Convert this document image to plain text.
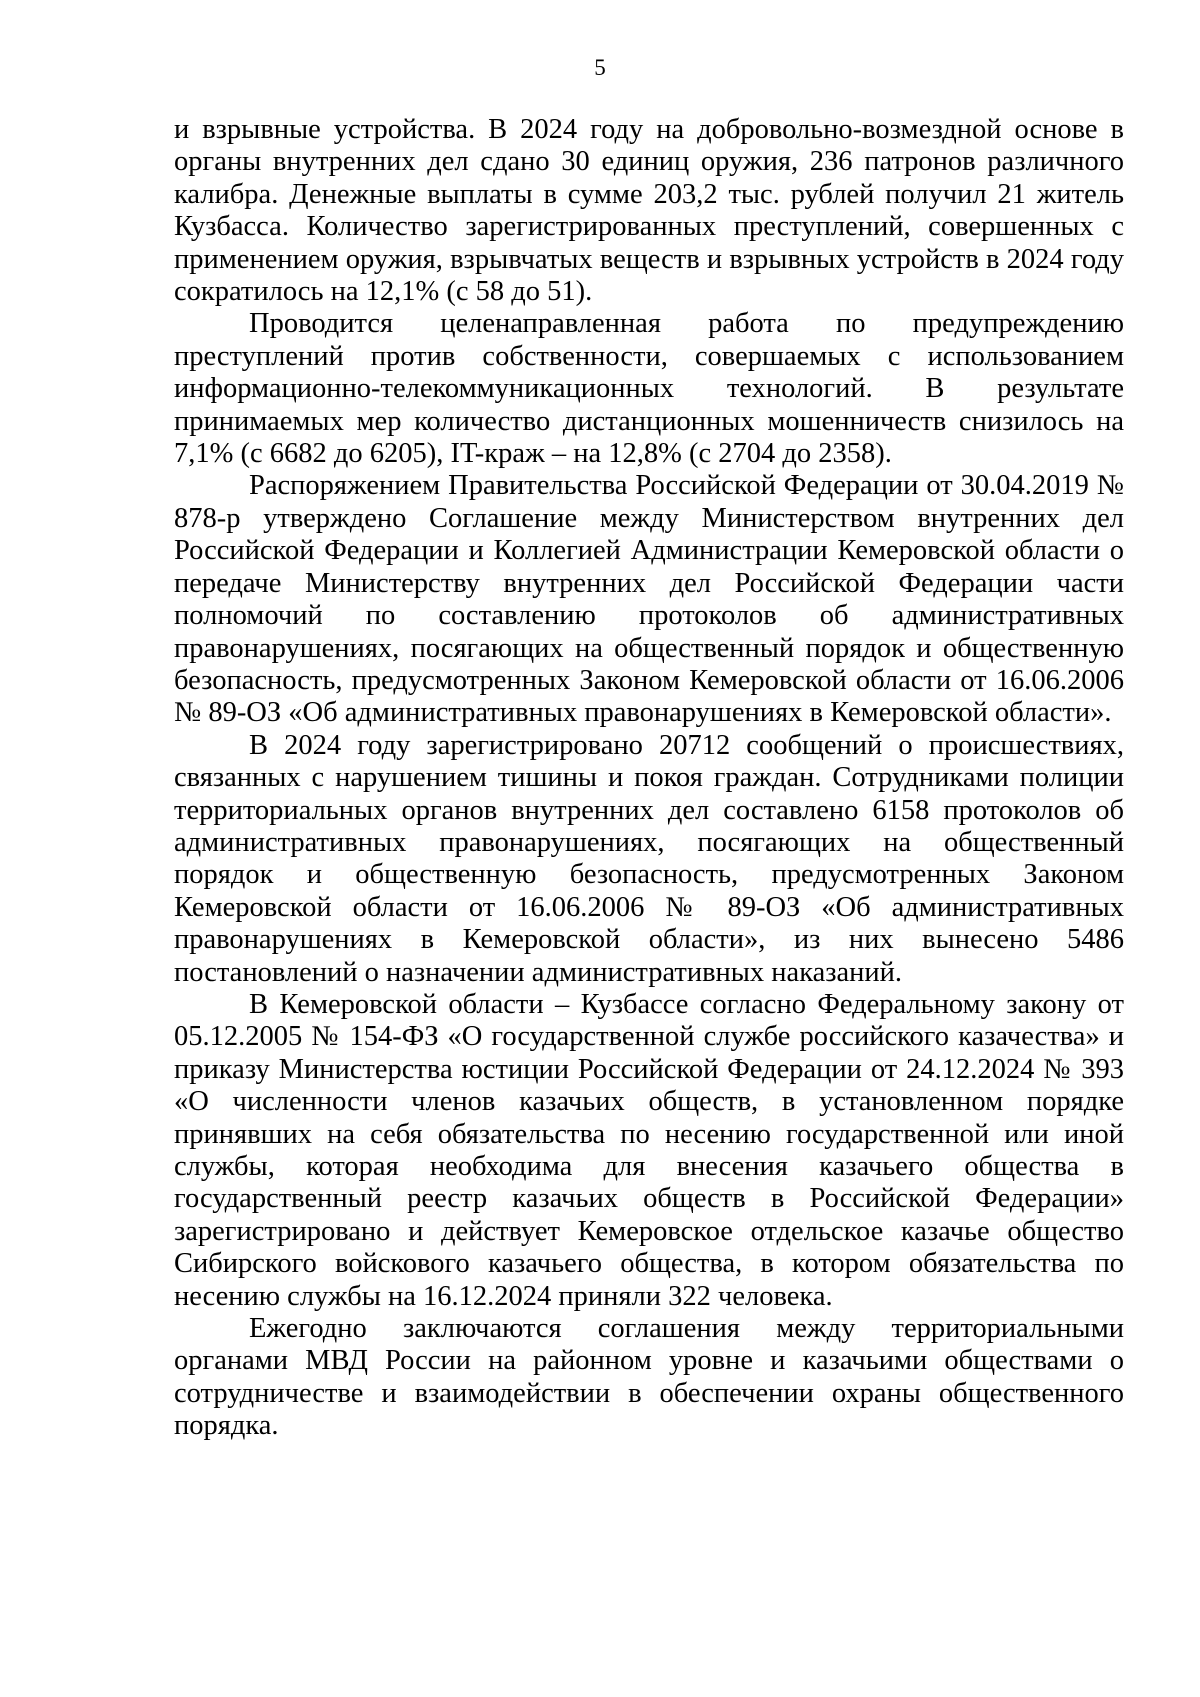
5

и взрывные устройства. В 2024 году на добровольно-возмездной основе в органы внутренних дел сдано 30 единиц оружия, 236 патронов различного калибра. Денежные выплаты в сумме 203,2 тыс. рублей получил 21 житель Кузбасса. Количество зарегистрированных преступлений, совершенных с применением оружия, взрывчатых веществ и взрывных устройств в 2024 году сократилось на 12,1% (с 58 до 51).

Проводится целенаправленная работа по предупреждению преступлений против собственности, совершаемых с использованием информационно-телекоммуникационных технологий. В результате принимаемых мер количество дистанционных мошенничеств снизилось на 7,1% (с 6682 до 6205), IT-краж – на 12,8% (с 2704 до 2358).

Распоряжением Правительства Российской Федерации от 30.04.2019 № 878-р утверждено Соглашение между Министерством внутренних дел Российской Федерации и Коллегией Администрации Кемеровской области о передаче Министерству внутренних дел Российской Федерации части полномочий по составлению протоколов об административных правонарушениях, посягающих на общественный порядок и общественную безопасность, предусмотренных Законом Кемеровской области от 16.06.2006 № 89-ОЗ «Об административных правонарушениях в Кемеровской области».

В 2024 году зарегистрировано 20712 сообщений о происшествиях, связанных с нарушением тишины и покоя граждан. Сотрудниками полиции территориальных органов внутренних дел составлено 6158 протоколов об административных правонарушениях, посягающих на общественный порядок и общественную безопасность, предусмотренных Законом Кемеровской области от 16.06.2006 № 89-ОЗ «Об административных правонарушениях в Кемеровской области», из них вынесено 5486 постановлений о назначении административных наказаний.

В Кемеровской области – Кузбассе согласно Федеральному закону от 05.12.2005 № 154-ФЗ «О государственной службе российского казачества» и приказу Министерства юстиции Российской Федерации от 24.12.2024 № 393 «О численности членов казачьих обществ, в установленном порядке принявших на себя обязательства по несению государственной или иной службы, которая необходима для внесения казачьего общества в государственный реестр казачьих обществ в Российской Федерации» зарегистрировано и действует Кемеровское отдельское казачье общество Сибирского войскового казачьего общества, в котором обязательства по несению службы на 16.12.2024 приняли 322 человека.

Ежегодно заключаются соглашения между территориальными органами МВД России на районном уровне и казачьими обществами о сотрудничестве и взаимодействии в обеспечении охраны общественного порядка.
